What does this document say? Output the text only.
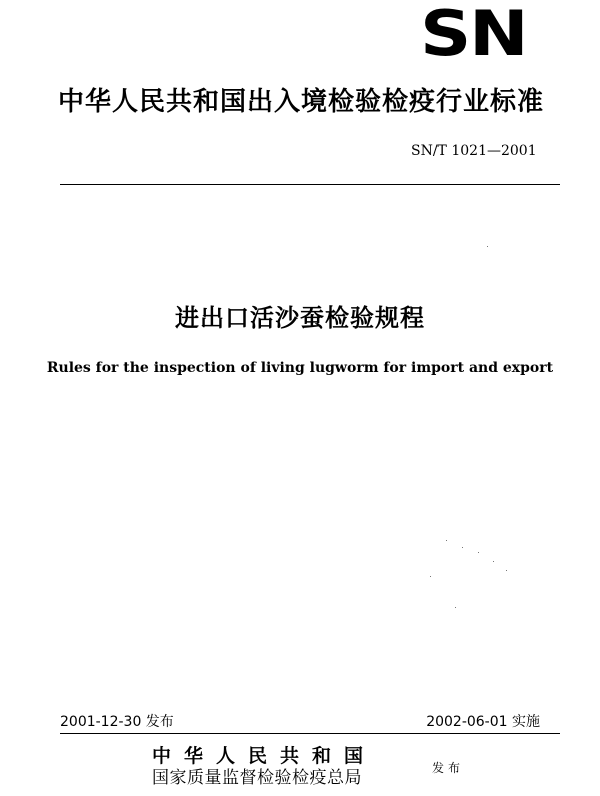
SN
中华人民共和国出入境检验检疫行业标准
SN/T 1021—2001
进出口活沙蚕检验规程
Rules for the inspection of living lugworm for import and export
2001-12-30 发布	2002-06-01 实施
中华人民共和国
国家质量监督检验检疫总局	发布
